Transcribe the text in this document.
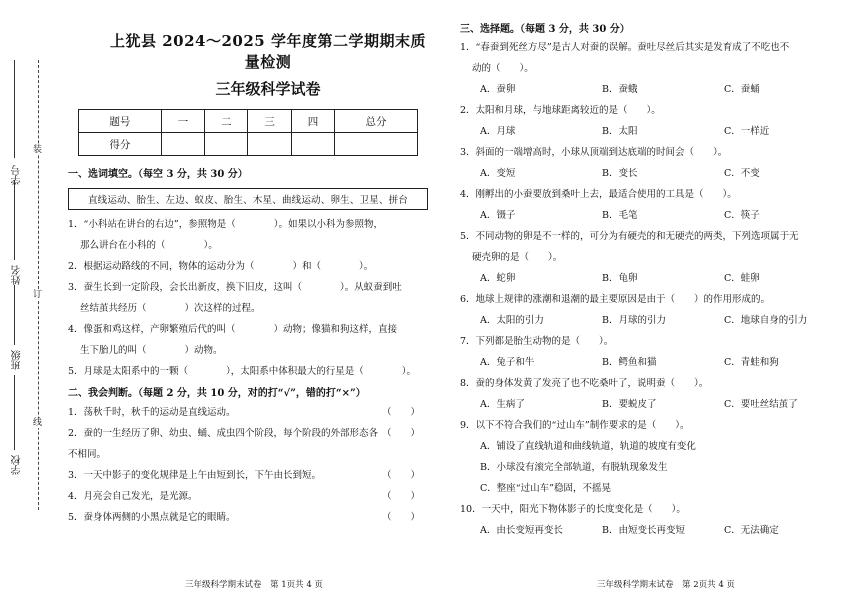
装
订
线
学号
姓名
班级
学校
上犹县 2024～2025 学年度第二学期期末质量检测
三年级科学试卷
题号	一	二	三	四	总分
得分					
一、选词填空。（每空 3 分，共 30 分）
直线运动、胎生、左边、蚁皮、胎生、木星、曲线运动、卵生、卫星、拼台
1．“小科站在讲台的右边”，参照物是（　　　　）。如果以小科为参照物，
那么讲台在小科的（　　　　）。
2．根据运动路线的不同，物体的运动分为（　　　　）和（　　　　）。
3．蚕生长到一定阶段，会长出新皮，换下旧皮，这叫（　　　　）。从蚁蚕到吐
丝结茧共经历（　　　　）次这样的过程。
4．像蛋和鸡这样，产卵繁殖后代的叫（　　　　）动物；像猫和狗这样，直接
生下胎儿的叫（　　　　）动物。
5．月球是太阳系中的一颗（　　　　），太阳系中体积最大的行星是（　　　　）。
二、我会判断。（每题 2 分，共 10 分，对的打“√”，错的打“×”）
1．荡秋千时，秋千的运动是直线运动。	（　　）
2．蚕的一生经历了卵、幼虫、蛹、成虫四个阶段，每个阶段的外部形态各不相同。
（　　）
3．一天中影子的变化规律是上午由短到长，下午由长到短。	（　　）
4．月亮会自己发光，是光源。	（　　）
5．蚕身体两侧的小黑点就是它的眼睛。	（　　）
三、选择题。（每题 3 分，共 30 分）
1．“春蚕到死丝方尽”是古人对蚕的误解。蚕吐尽丝后其实是发育成了不吃也不
动的（　　）。
A．蚕卵	B．蚕蛾	C．蚕蛹
2．太阳和月球，与地球距离较近的是（　　）。
A．月球	B．太阳	C．一样近
3．斜面的一端增高时，小球从顶端到达底端的时间会（　　）。
A．变短	B．变长	C．不变
4．刚孵出的小蚕要放到桑叶上去，最适合使用的工具是（　　）。
A．镊子	B．毛笔	C．筷子
5．不同动物的卵是不一样的，可分为有硬壳的和无硬壳的两类，下列选项属于无
硬壳卵的是（　　）。
A．蛇卵	B．龟卵	C．蛙卵
6．地球上规律的涨潮和退潮的最主要原因是由于（　　）的作用形成的。
A．太阳的引力	B．月球的引力	C．地球自身的引力
7．下列都是胎生动物的是（　　）。
A．兔子和牛	B．鳄鱼和猫	C．青蛙和狗
8．蚕的身体发黄了发亮了也不吃桑叶了，说明蚕（　　）。
A．生病了	B．要蜕皮了	C．要吐丝结茧了
9．以下不符合我们的“过山车”制作要求的是（　　）。
A．铺设了直线轨道和曲线轨道，轨道的坡度有变化
B．小球没有滚完全部轨道，有脱轨现象发生
C．整座“过山车”稳固，不摇晃
10．一天中，阳光下物体影子的长度变化是（　　）。
A．由长变短再变长	B．由短变长再变短	C．无法确定
三年级科学期末试卷　第 1页共 4 页	三年级科学期末试卷　第 2页共 4 页
